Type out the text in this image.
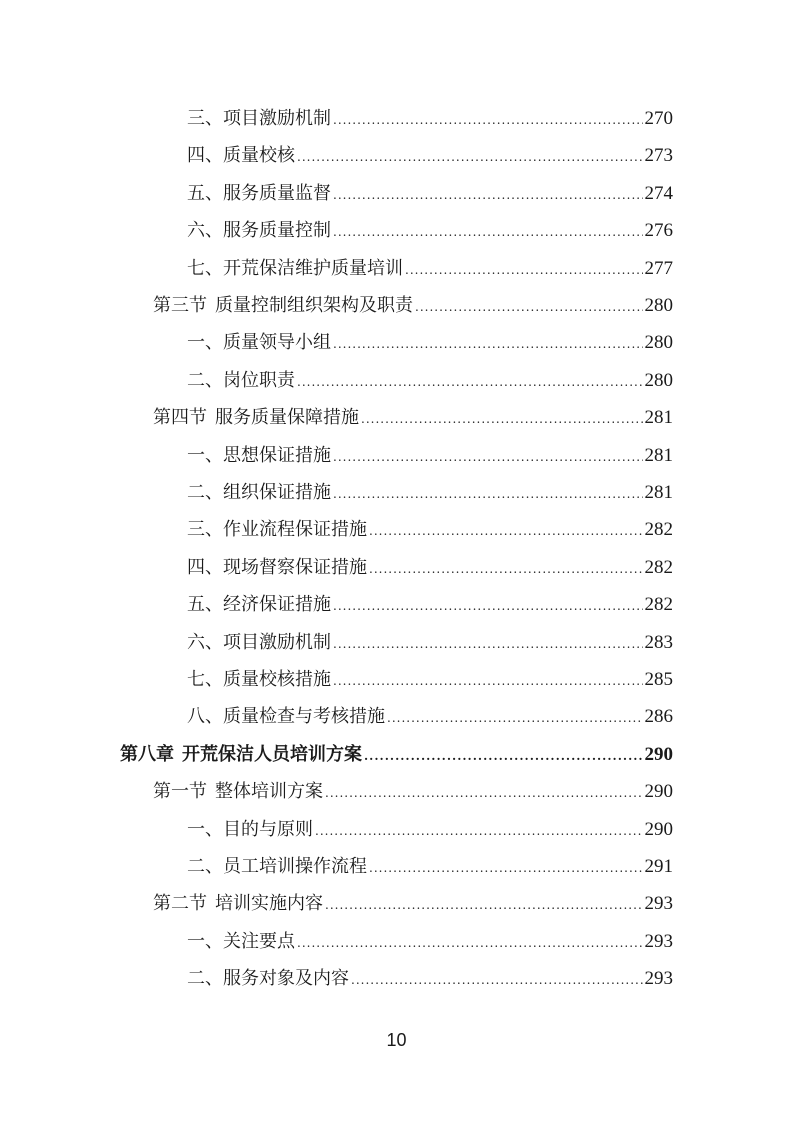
三、 项目激励机制 .....	270
四、 质量校核 .....	273
五、 服务质量监督 .....	274
六、 服务质量控制 .....	276
七、 开荒保洁维护质量培训 .....	277
第三节 质量控制组织架构及职责 .....	280
一、 质量领导小组 .....	280
二、 岗位职责 .....	280
第四节 服务质量保障措施 .....	281
一、 思想保证措施 .....	281
二、 组织保证措施 .....	281
三、 作业流程保证措施 .....	282
四、 现场督察保证措施 .....	282
五、 经济保证措施 .....	282
六、 项目激励机制 .....	283
七、 质量校核措施 .....	285
八、 质量检查与考核措施 .....	286
第八章 开荒保洁人员培训方案 .....	290
第一节 整体培训方案 .....	290
一、 目的与原则 .....	290
二、 员工培训操作流程 .....	291
第二节 培训实施内容 .....	293
一、 关注要点 .....	293
二、 服务对象及内容 .....	293
10
